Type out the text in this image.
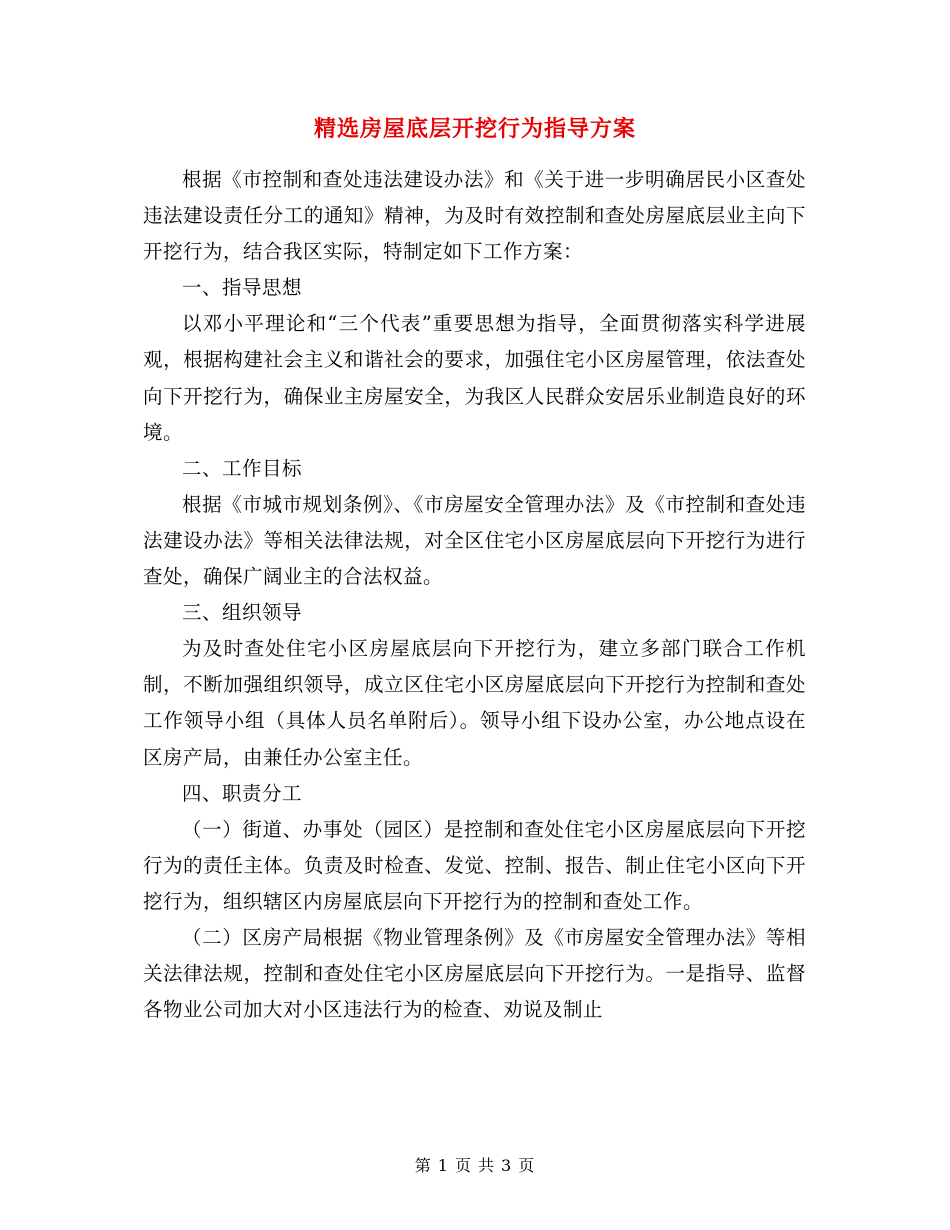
精选房屋底层开挖行为指导方案

根据《市控制和查处违法建设办法》和《关于进一步明确居民小区查处违法建设责任分工的通知》精神，为及时有效控制和查处房屋底层业主向下开挖行为，结合我区实际，特制定如下工作方案：

一、指导思想

以邓小平理论和“三个代表”重要思想为指导，全面贯彻落实科学进展观，根据构建社会主义和谐社会的要求，加强住宅小区房屋管理，依法查处向下开挖行为，确保业主房屋安全，为我区人民群众安居乐业制造良好的环境。

二、工作目标

根据《市城市规划条例》、《市房屋安全管理办法》及《市控制和查处违法建设办法》等相关法律法规，对全区住宅小区房屋底层向下开挖行为进行查处，确保广阔业主的合法权益。

三、组织领导

为及时查处住宅小区房屋底层向下开挖行为，建立多部门联合工作机制，不断加强组织领导，成立区住宅小区房屋底层向下开挖行为控制和查处工作领导小组（具体人员名单附后）。领导小组下设办公室，办公地点设在区房产局，由兼任办公室主任。

四、职责分工

（一）街道、办事处（园区）是控制和查处住宅小区房屋底层向下开挖行为的责任主体。负责及时检查、发觉、控制、报告、制止住宅小区向下开挖行为，组织辖区内房屋底层向下开挖行为的控制和查处工作。

（二）区房产局根据《物业管理条例》及《市房屋安全管理办法》等相关法律法规，控制和查处住宅小区房屋底层向下开挖行为。一是指导、监督各物业公司加大对小区违法行为的检查、劝说及制止

第 1 页 共 3 页
